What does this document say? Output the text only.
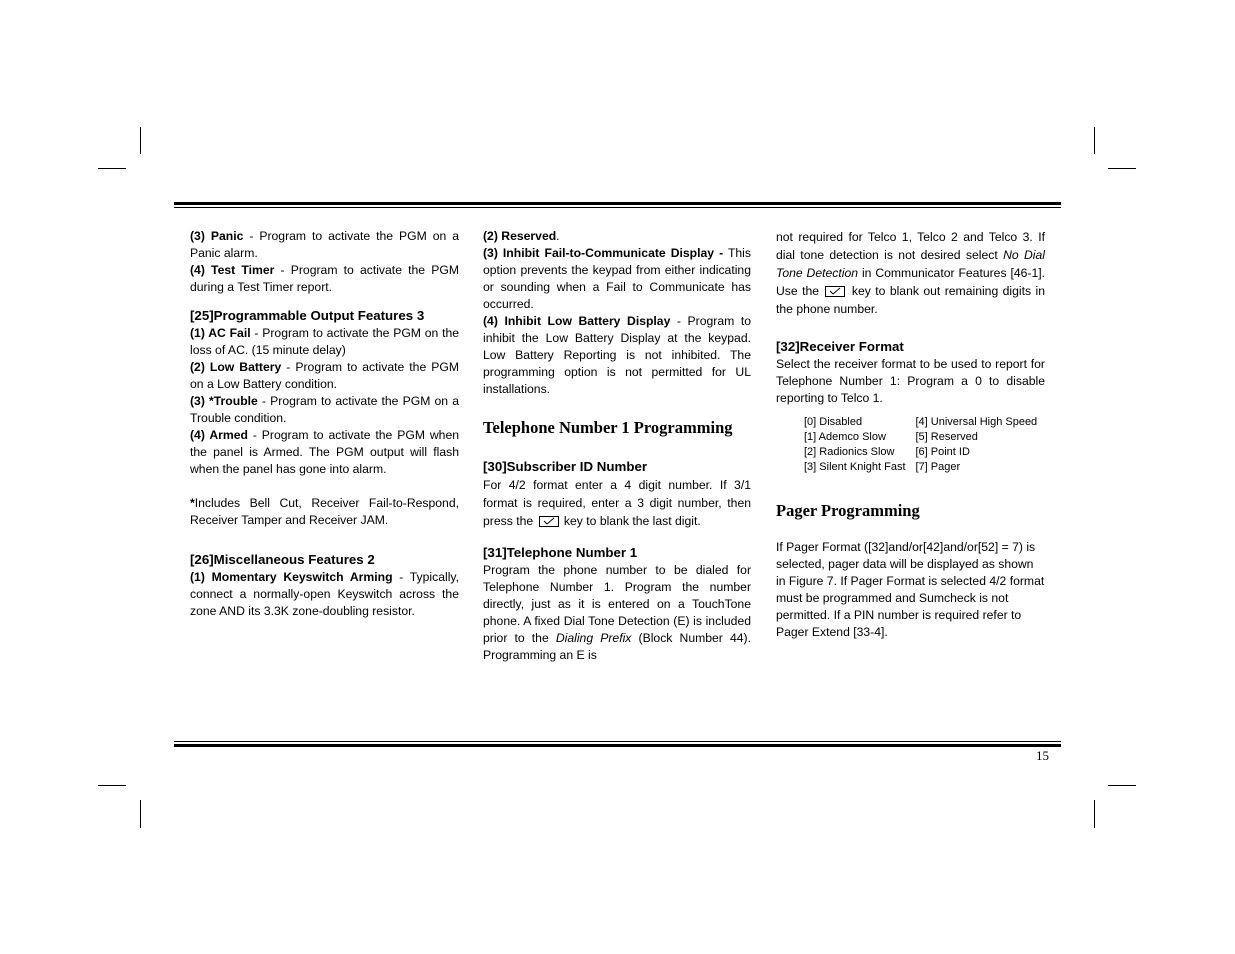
(3) Panic - Program to activate the PGM on a Panic alarm.

(4) Test Timer - Program to activate the PGM during a Test Timer report.

[25]Programmable Output Features 3

(1) AC Fail - Program to activate the PGM on the loss of AC. (15 minute delay)

(2) Low Battery - Program to activate the PGM on a Low Battery condition.

(3) *Trouble - Program to activate the PGM on a Trouble condition.

(4) Armed - Program to activate the PGM when the panel is Armed. The PGM output will flash when the panel has gone into alarm.

*Includes Bell Cut, Receiver Fail-to-Respond, Receiver Tamper and Receiver JAM.

[26]Miscellaneous Features 2

(1) Momentary Keyswitch Arming - Typically, connect a normally-open Keyswitch across the zone AND its 3.3K zone-doubling resistor.

(2) Reserved.

(3) Inhibit Fail-to-Communicate Display - This option prevents the keypad from either indicating or sounding when a Fail to Communicate has occurred.

(4) Inhibit Low Battery Display - Program to inhibit the Low Battery Display at the keypad. Low Battery Reporting is not inhibited. The programming option is not permitted for UL installations.

Telephone Number 1 Programming

[30]Subscriber ID Number

For 4/2 format enter a 4 digit number. If 3/1 format is required, enter a 3 digit number, then press the	key to blank the last digit.

[31]Telephone Number 1

Program the phone number to be dialed for Telephone Number 1. Program the number directly, just as it is entered on a TouchTone phone. A fixed Dial Tone Detection (E) is included prior to the Dialing Prefix (Block Number 44). Programming an E is

not required for Telco 1, Telco 2 and Telco 3. If dial tone detection is not desired select No Dial Tone Detection in Communicator Features [46-1]. Use the	key to blank out remaining digits in the phone number.

[32]Receiver Format

Select the receiver format to be used to report for Telephone Number 1: Program a 0 to disable reporting to Telco 1.

[0] Disabled	[4] Universal High Speed
[1] Ademco Slow	[5] Reserved
[2] Radionics Slow	[6] Point ID
[3] Silent Knight Fast	[7] Pager

Pager Programming

If Pager Format ([32]and/or[42]and/or[52] = 7) is selected, pager data will be displayed as shown in Figure 7. If Pager Format is selected 4/2 format must be programmed and Sumcheck is not permitted. If a PIN number is required refer to Pager Extend [33-4].

15
